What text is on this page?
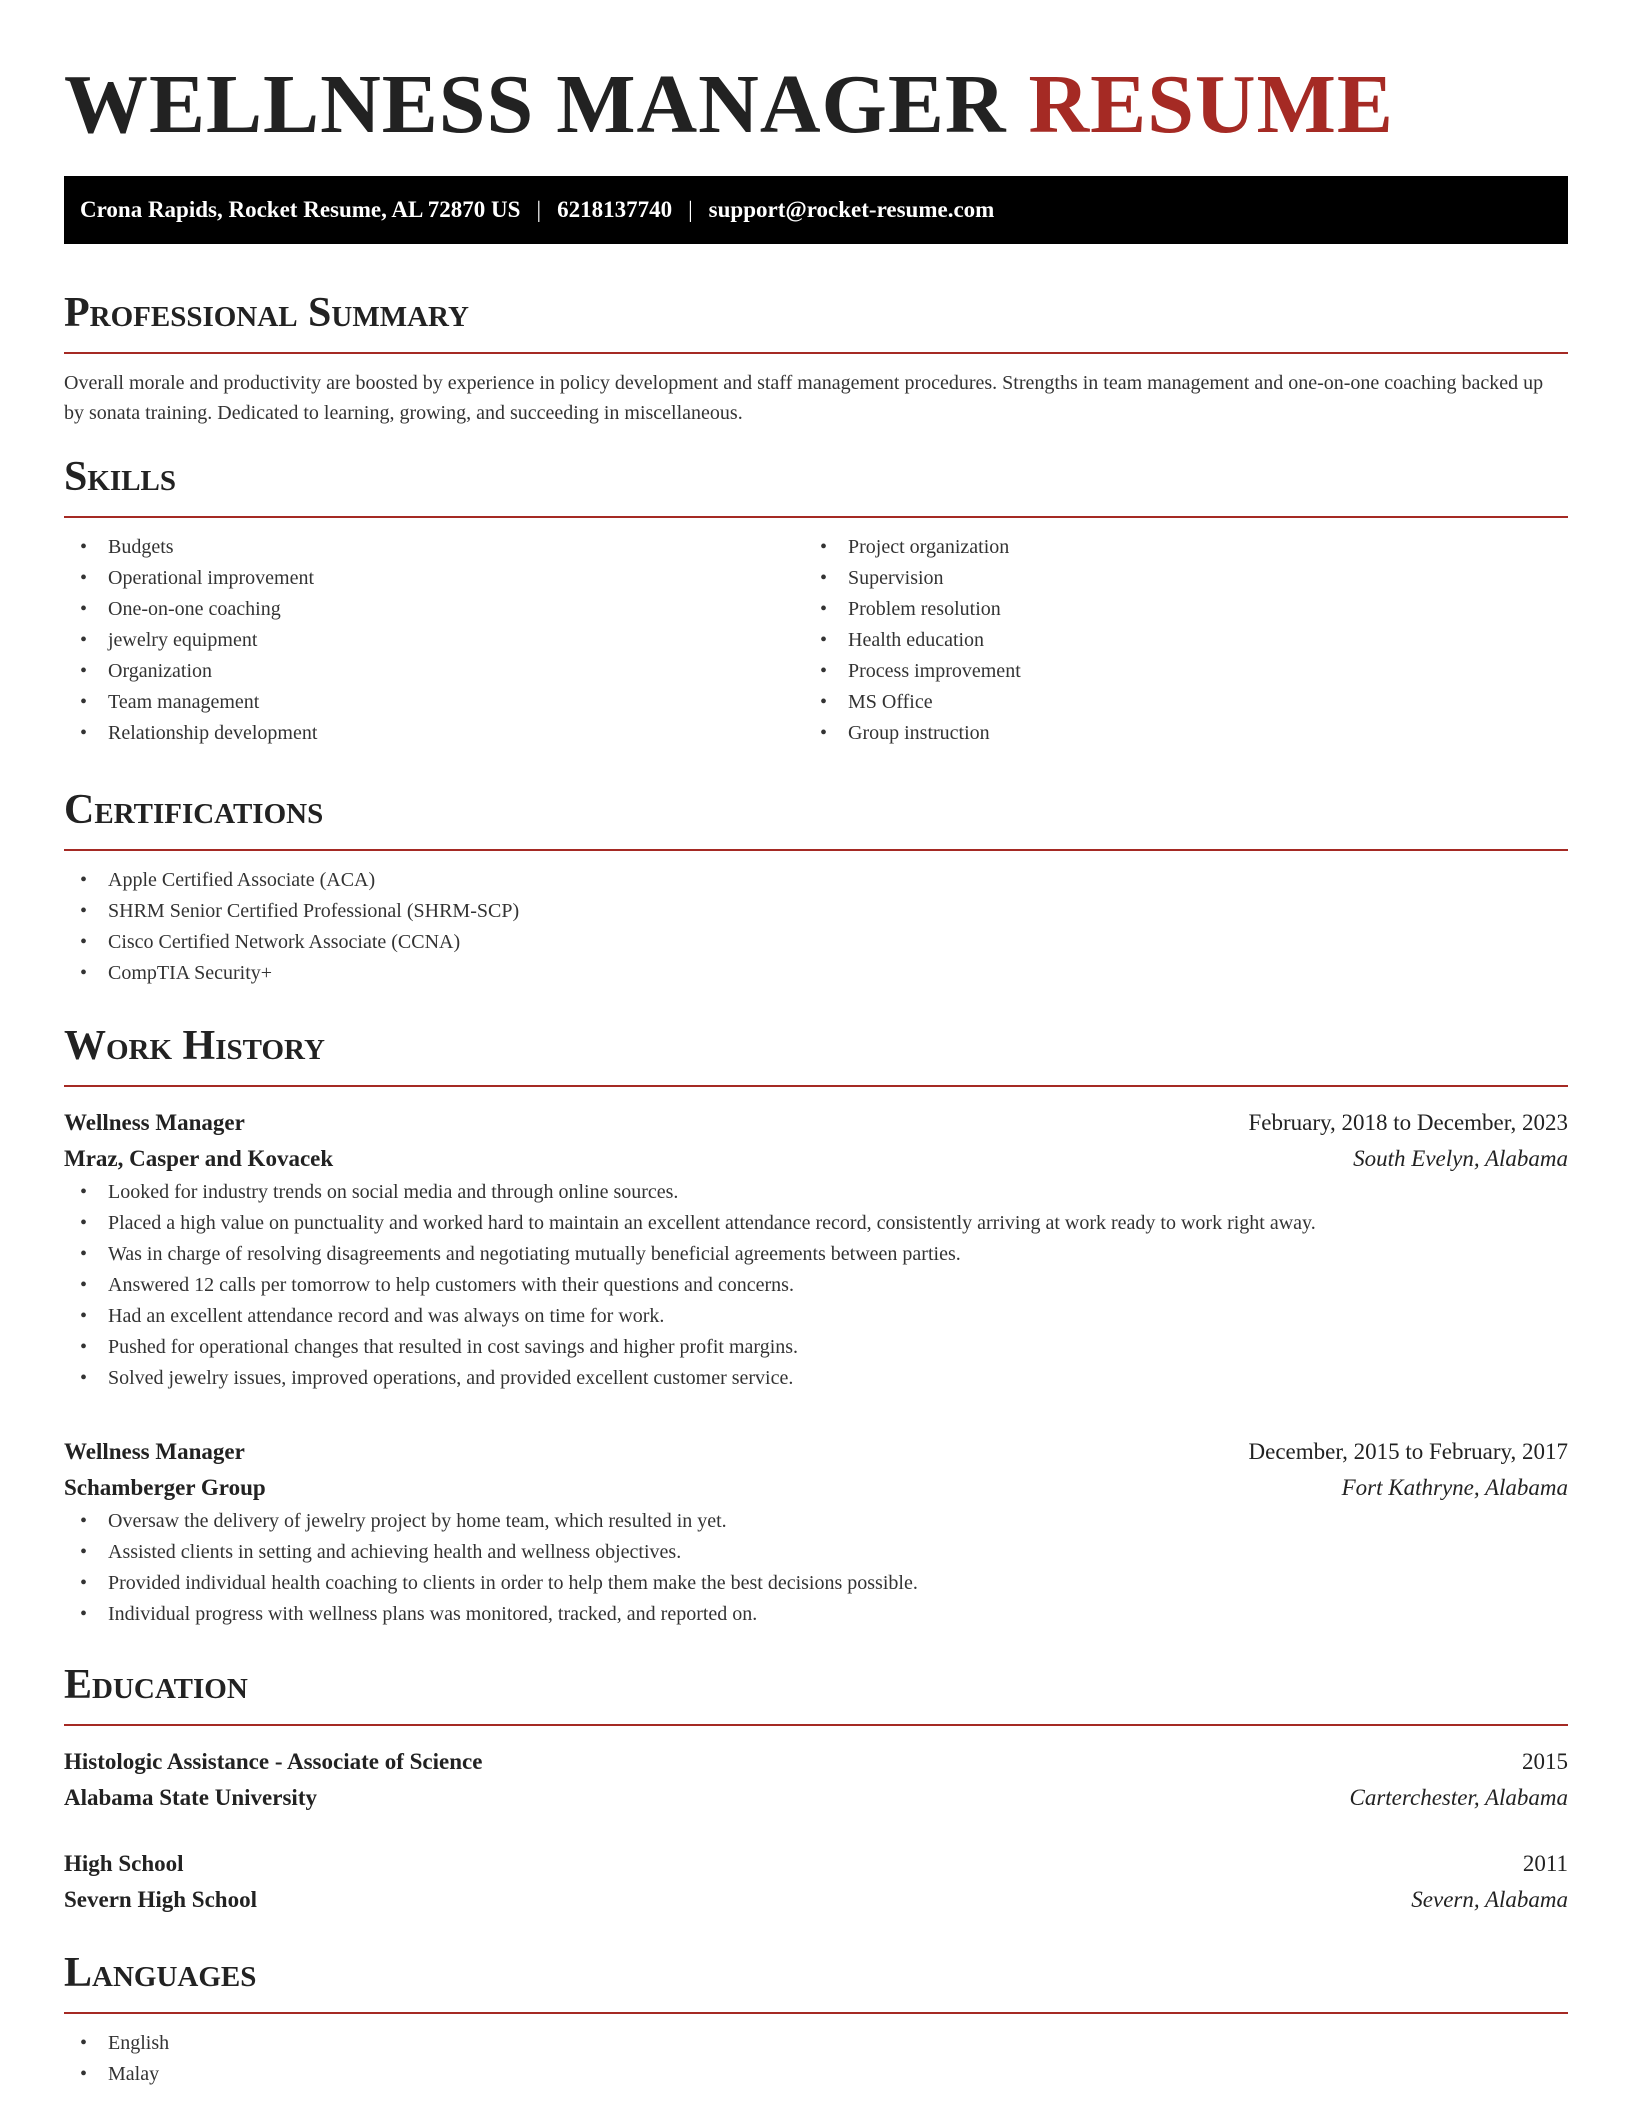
WELLNESS MANAGER RESUME
Crona Rapids, Rocket Resume, AL 72870 US | 6218137740 | support@rocket-resume.com
Professional Summary

Overall morale and productivity are boosted by experience in policy development and staff management procedures. Strengths in team management and one-on-one coaching backed up by sonata training. Dedicated to learning, growing, and succeeding in miscellaneous.

Skills
• Budgets
• Operational improvement
• One-on-one coaching
• jewelry equipment
• Organization
• Team management
• Relationship development
• Project organization
• Supervision
• Problem resolution
• Health education
• Process improvement
• MS Office
• Group instruction
Certifications
• Apple Certified Associate (ACA)
• SHRM Senior Certified Professional (SHRM-SCP)
• Cisco Certified Network Associate (CCNA)
• CompTIA Security+
Work History
Wellness Manager	February, 2018 to December, 2023
Mraz, Casper and Kovacek	South Evelyn, Alabama
• Looked for industry trends on social media and through online sources.
• Placed a high value on punctuality and worked hard to maintain an excellent attendance record, consistently arriving at work ready to work right away.
• Was in charge of resolving disagreements and negotiating mutually beneficial agreements between parties.
• Answered 12 calls per tomorrow to help customers with their questions and concerns.
• Had an excellent attendance record and was always on time for work.
• Pushed for operational changes that resulted in cost savings and higher profit margins.
• Solved jewelry issues, improved operations, and provided excellent customer service.
Wellness Manager	December, 2015 to February, 2017
Schamberger Group	Fort Kathryne, Alabama
• Oversaw the delivery of jewelry project by home team, which resulted in yet.
• Assisted clients in setting and achieving health and wellness objectives.
• Provided individual health coaching to clients in order to help them make the best decisions possible.
• Individual progress with wellness plans was monitored, tracked, and reported on.
Education
Histologic Assistance - Associate of Science	2015
Alabama State University	Carterchester, Alabama
High School	2011
Severn High School	Severn, Alabama
Languages
• English
• Malay
